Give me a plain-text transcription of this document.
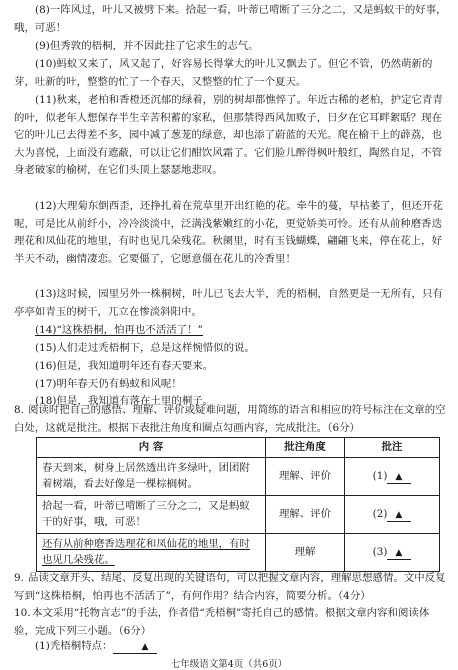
(8)一阵风过，叶儿又被劈下来。拾起一看，叶蒂已啃断了三分之二，又是蚂蚁干的好事，哦，可恶！

(9)但秀敦的梧桐，并不因此拄了它求生的志气。

(10)蚂蚁又来了，风又起了，好容易长得掌大的叶儿又飘去了。但它不管，仍然萌新的芽，吐新的叶，整整的忙了一个春天，又整整的忙了一个夏天。

(11)秋来，老柏和香橙还沉郁的绿着，别的树却都憔悴了。年近古稀的老柏，护定它青青的叶，似老年人想保存半生辛苦积蓄的家私，但那禁得西风加败子，日夕在它耳畔絮聒？现在它的叶儿已去得差不多，园中减了葱茏的绿意，却也添了蔚蓝的天光。爬在榆干上的薜荔，也大为喜悦，上面没有遮蔽，可以让它们酣饮风霜了。它们脸儿醉得枫叶般红，陶然自足，不管身老破家的榆树，在它们头顶上瑟瑟地悲叹。

(12)大理菊东倒西歪，还挣扎着在荒草里开出红艳的花。牵牛的蔓，早枯萎了，但还开花呢，可是比从前纤小，冷冷淡淡中，泛满浅紫嫩红的小花，更觉娇美可怜。还有从前种磨香迭理花和凤仙花的地里，有时也见几朵残花。秋阑里，时有玉钱蝴蝶，翩翩飞来，停在花上，好半天不动，幽情凄恋。它要僵了，它愿意僵在花儿的冷香里！

(13)这时候，园里另外一株桐树，叶儿已飞去大半，秃的梧桐，自然更是一无所有，只有亭亭如青玉的树干，兀立在惨淡斜阳中。

(14)“这株梧桐，怕再也不活活了！”

(15)人们走过秃梧桐下，总是这样惋惜似的说。

(16)但是，我知道明年还有春天要来。

(17)明年春天仍有蚂蚁和风呢！

(18)但是，我知道有落在土里的桐子。

8. 阅读时把自己的感悟、理解、评价或疑难问题，用简练的语言和相应的符号标注在文章的空白处，这就是批注。根据下表批注角度和圈点勾画内容，完成批注。（6分）

内 容	批注角度	批注
春天到来，树身上居然透出许多绿叶，团团附着树端，看去好像是一棵棕榈树。	理解、评价	(1) ▲
拾起一看，叶蒂已啃断了三分之二，又是蚂蚁干的好事，哦，可恶！	理解、评价	(2) ▲
还有从前种磨香迭理花和凤仙花的地里，有时也见几朵残花。	理解	(3) ▲

9. 品读文章开头、结尾、反复出现的关键语句，可以把握文章内容，理解思想感情。文中反复写到“这株梧桐，怕再也不活活了”，有何作用？结合内容，简要分析。（4分）

10.本文采用“托物言志”的手法，作者借“秃梧桐”寄托自己的感情。根据文章内容和阅读体验，完成下列三小题。（6分）

(1)秃梧桐特点：	▲

七年级语文第4页（共6页）
